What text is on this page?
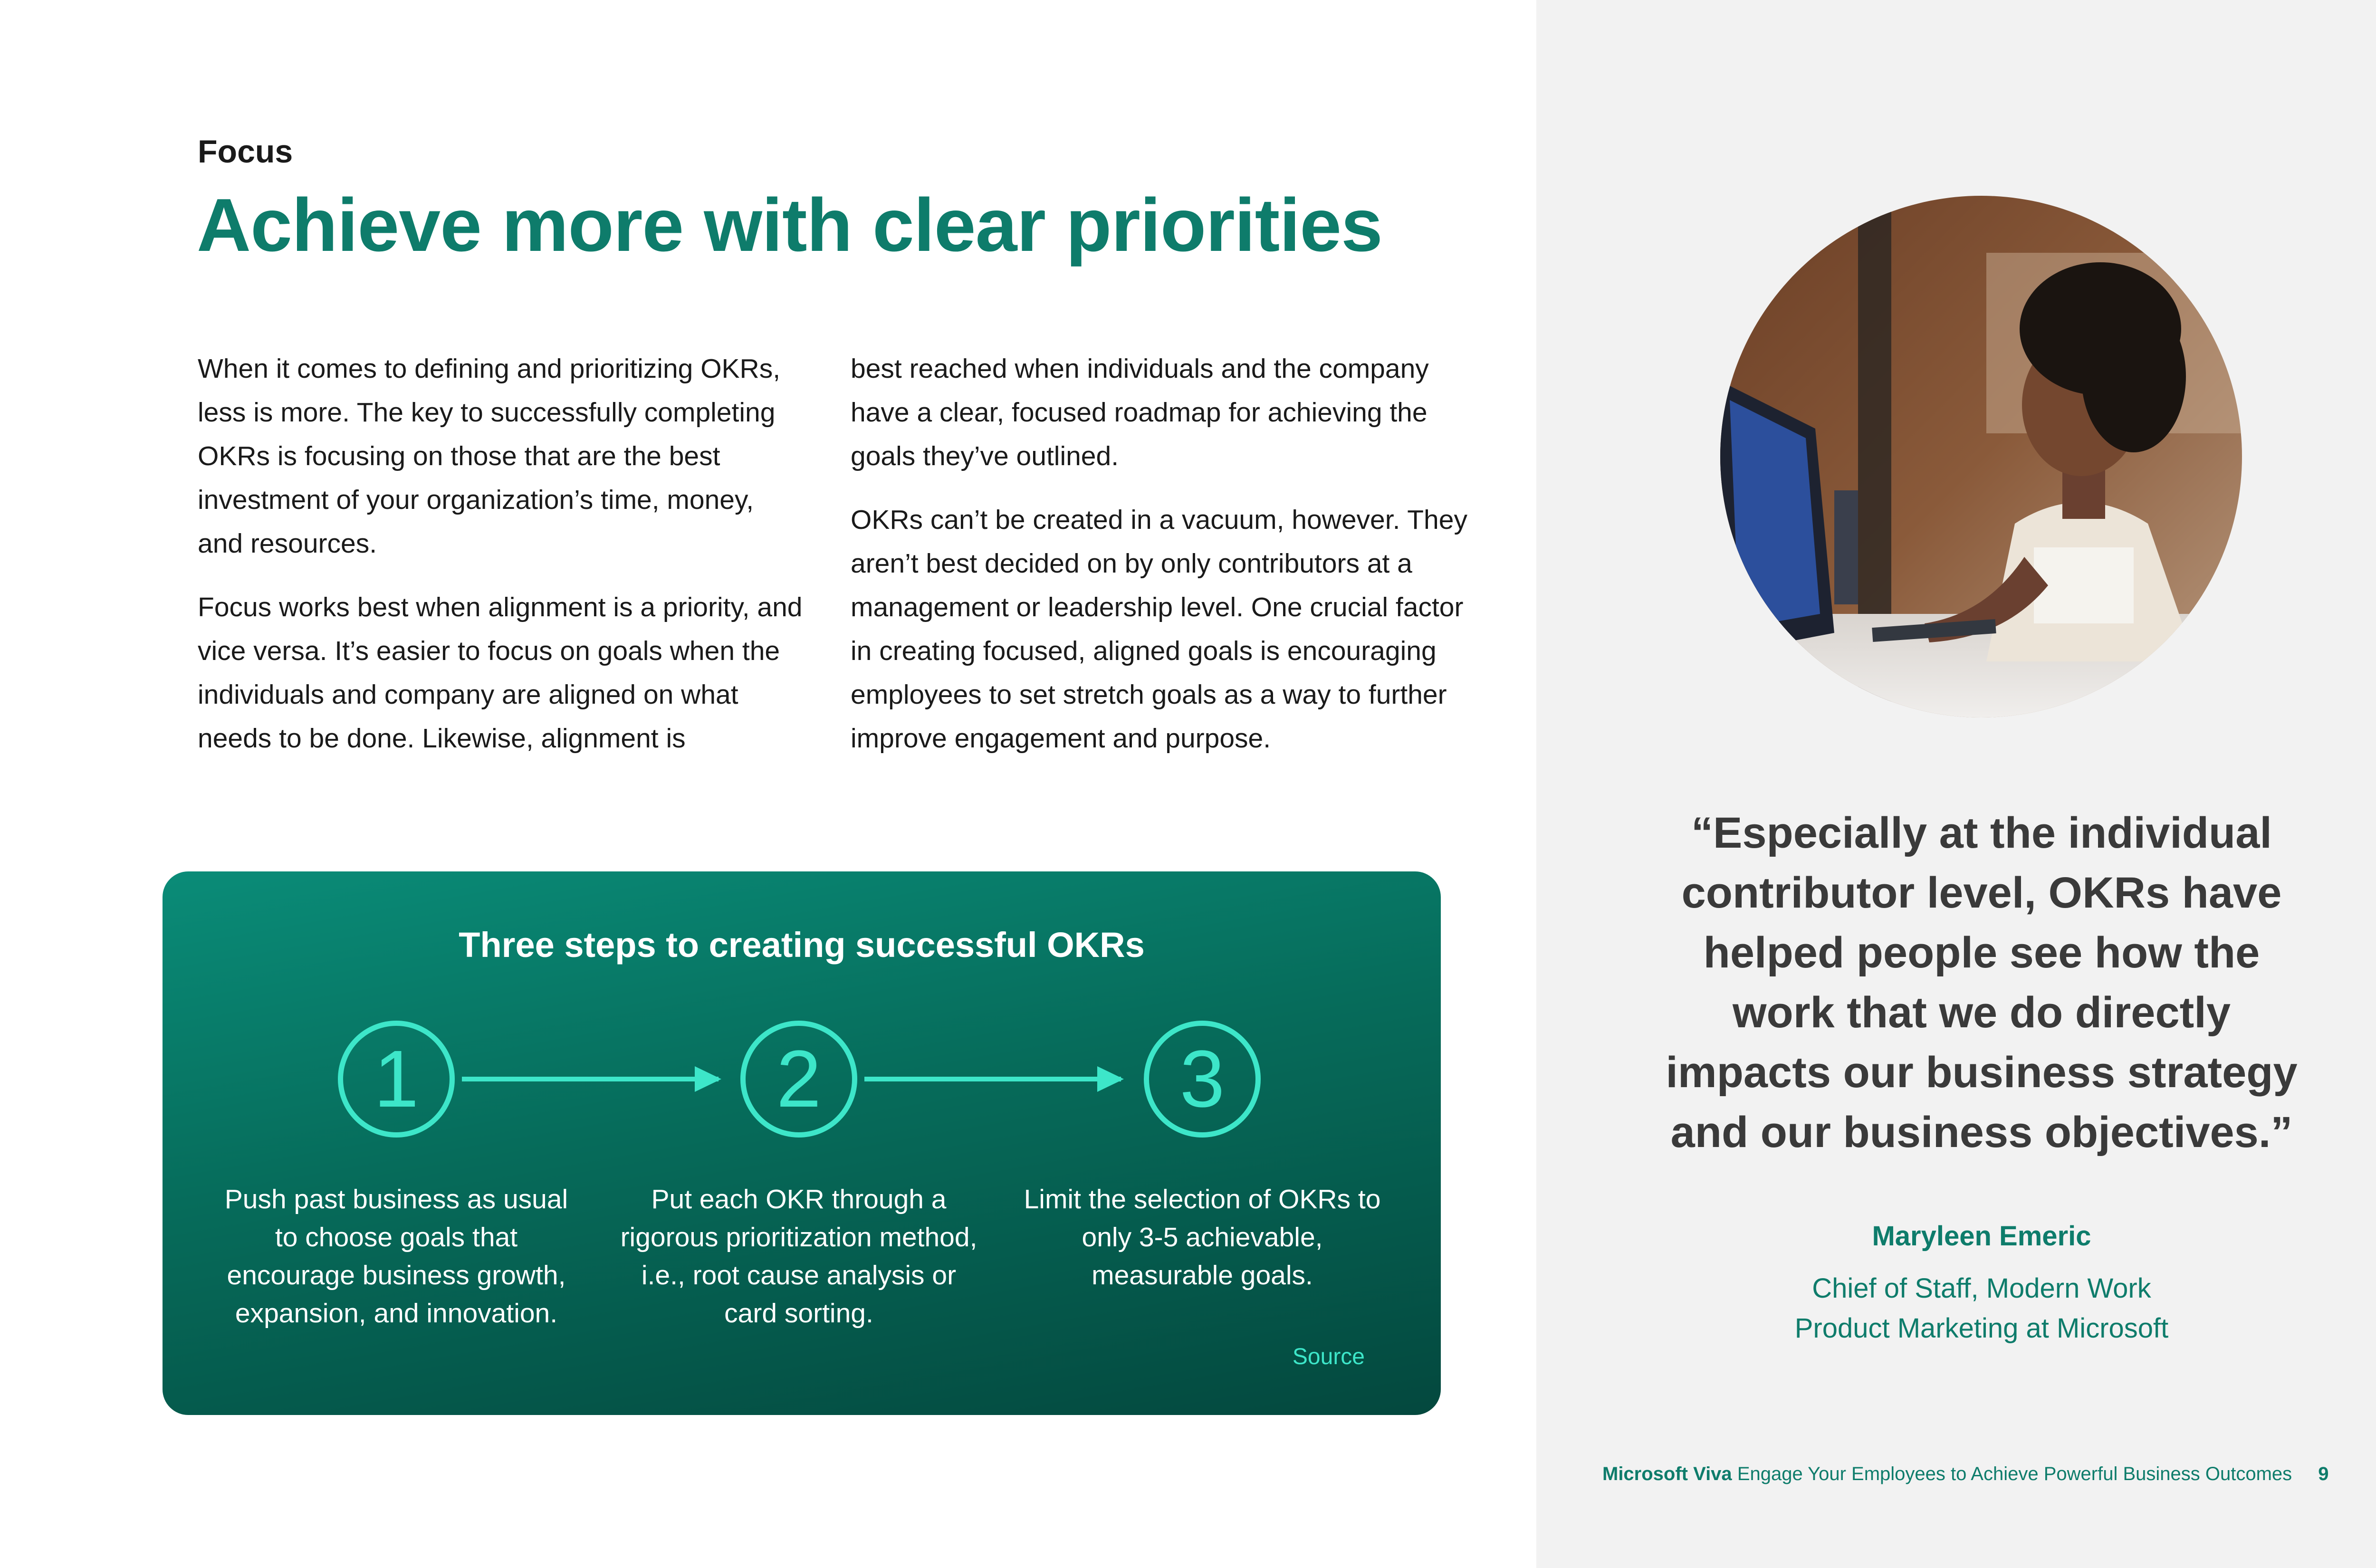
Focus
Achieve more with clear priorities

When it comes to defining and prioritizing OKRs, less is more. The key to successfully completing OKRs is focusing on those that are the best investment of your organization’s time, money, and resources.

Focus works best when alignment is a priority, and vice versa. It’s easier to focus on goals when the individuals and company are aligned on what needs to be done. Likewise, alignment is

best reached when individuals and the company have a clear, focused roadmap for achieving the goals they’ve outlined.

OKRs can’t be created in a vacuum, however. They aren’t best decided on by only contributors at a management or leadership level. One crucial factor in creating focused, aligned goals is encouraging employees to set stretch goals as a way to further improve engagement and purpose.

Three steps to creating successful OKRs
1	2	3
Push past business as usual to choose goals that encourage business growth, expansion, and innovation.
Put each OKR through a rigorous prioritization method, i.e., root cause analysis or card sorting.
Limit the selection of OKRs to only 3-5 achievable, measurable goals.
Source
“Especially at the individual contributor level, OKRs have helped people see how the work that we do directly impacts our business strategy and our business objectives.”
Maryleen Emeric
Chief of Staff, Modern Work
Product Marketing at Microsoft
Microsoft Viva Engage Your Employees to Achieve Powerful Business Outcomes 9
